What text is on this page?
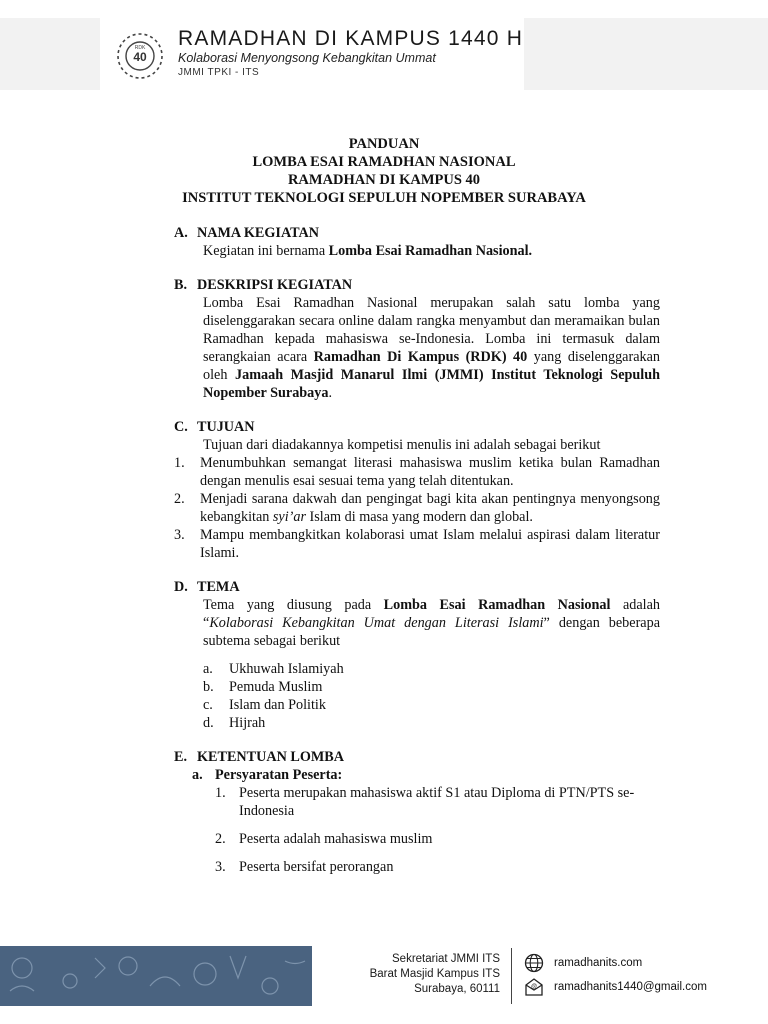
RDK
40
RAMADHAN DI KAMPUS 1440 H
Kolaborasi Menyongsong Kebangkitan Ummat
JMMI TPKI - ITS
PANDUAN
LOMBA ESAI RAMADHAN NASIONAL
RAMADHAN DI KAMPUS 40
INSTITUT TEKNOLOGI SEPULUH NOPEMBER SURABAYA
A. NAMA KEGIATAN
Kegiatan ini bernama Lomba Esai Ramadhan Nasional.
B. DESKRIPSI KEGIATAN
Lomba Esai Ramadhan Nasional merupakan salah satu lomba yang diselenggarakan secara online dalam rangka menyambut dan meramaikan bulan Ramadhan kepada mahasiswa se-Indonesia. Lomba ini termasuk dalam serangkaian acara Ramadhan Di Kampus (RDK) 40 yang diselenggarakan oleh Jamaah Masjid Manarul Ilmi (JMMI) Institut Teknologi Sepuluh Nopember Surabaya.
C. TUJUAN
Tujuan dari diadakannya kompetisi menulis ini adalah sebagai berikut
1.	Menumbuhkan semangat literasi mahasiswa muslim ketika bulan Ramadhan dengan menulis esai sesuai tema yang telah ditentukan.
2.	Menjadi sarana dakwah dan pengingat bagi kita akan pentingnya menyongsong kebangkitan syi’ar Islam di masa yang modern dan global.
3.	Mampu membangkitkan kolaborasi umat Islam melalui aspirasi dalam literatur Islami.
D. TEMA
Tema yang diusung pada Lomba Esai Ramadhan Nasional adalah “Kolaborasi Kebangkitan Umat dengan Literasi Islami” dengan beberapa subtema sebagai berikut
a.	Ukhuwah Islamiyah
b.	Pemuda Muslim
c.	Islam dan Politik
d.	Hijrah
E. KETENTUAN LOMBA
a. Persyaratan Peserta:
1. Peserta merupakan mahasiswa aktif S1 atau Diploma di PTN/PTS se-Indonesia
2. Peserta adalah mahasiswa muslim
3. Peserta bersifat perorangan
Sekretariat JMMI ITS
Barat Masjid Kampus ITS
Surabaya, 60111
ramadhanits.com
@ ramadhanits1440@gmail.com
